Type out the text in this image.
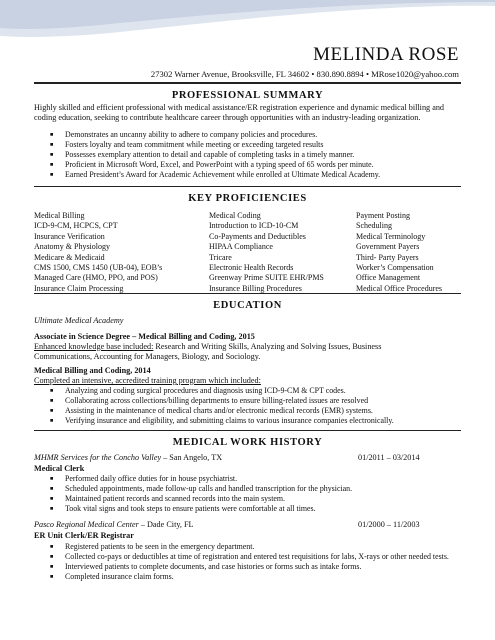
MELINDA ROSE
27302 Warner Avenue, Brooksville, FL 34602 • 830.890.8894 • MRose1020@yahoo.com
PROFESSIONAL SUMMARY
Highly skilled and efficient professional with medical assistance/ER registration experience and dynamic medical billing and coding education, seeking to contribute healthcare career through opportunities with an industry-leading organization.
■ Demonstrates an uncanny ability to adhere to company policies and procedures.
■ Fosters loyalty and team commitment while meeting or exceeding targeted results
■ Possesses exemplary attention to detail and capable of completing tasks in a timely manner.
■ Proficient in Microsoft Word, Excel, and PowerPoint with a typing speed of 65 words per minute.
■ Earned President’s Award for Academic Achievement while enrolled at Ultimate Medical Academy.
KEY PROFICIENCIES
Medical Billing
ICD-9-CM, HCPCS, CPT
Insurance Verification
Anatomy & Physiology
Medicare & Medicaid
CMS 1500, CMS 1450 (UB-04), EOB’s
Managed Care (HMO, PPO, and POS)
Insurance Claim Processing
Medical Coding
Introduction to ICD-10-CM
Co-Payments and Deductibles
HIPAA Compliance
Tricare
Electronic Health Records
Greenway Prime SUITE EHR/PMS
Insurance Billing Procedures
Payment Posting
Scheduling
Medical Terminology
Government Payers
Third- Party Payers
Worker’s Compensation
Office Management
Medical Office Procedures
EDUCATION
Ultimate Medical Academy
Associate in Science Degree – Medical Billing and Coding, 2015
Enhanced knowledge base included: Research and Writing Skills, Analyzing and Solving Issues, Business
Communications, Accounting for Managers, Biology, and Sociology.
Medical Billing and Coding, 2014
Completed an intensive, accredited training program which included:
■ Analyzing and coding surgical procedures and diagnosis using ICD-9-CM & CPT codes.
■ Collaborating across collections/billing departments to ensure billing-related issues are resolved
■ Assisting in the maintenance of medical charts and/or electronic medical records (EMR) systems.
■ Verifying insurance and eligibility, and submitting claims to various insurance companies electronically.
MEDICAL WORK HISTORY
MHMR Services for the Concho Valley – San Angelo, TX	01/2011 – 03/2014
Medical Clerk
■ Performed daily office duties for in house psychiatrist.
■ Scheduled appointments, made follow-up calls and handled transcription for the physician.
■ Maintained patient records and scanned records into the main system.
■ Took vital signs and took steps to ensure patients were comfortable at all times.
Pasco Regional Medical Center – Dade City, FL	01/2000 – 11/2003
ER Unit Clerk/ER Registrar
■ Registered patients to be seen in the emergency department.
■ Collected co-pays or deductibles at time of registration and entered test requisitions for labs, X-rays or other needed tests.
■ Interviewed patients to complete documents, and case histories or forms such as intake forms.
■ Completed insurance claim forms.
